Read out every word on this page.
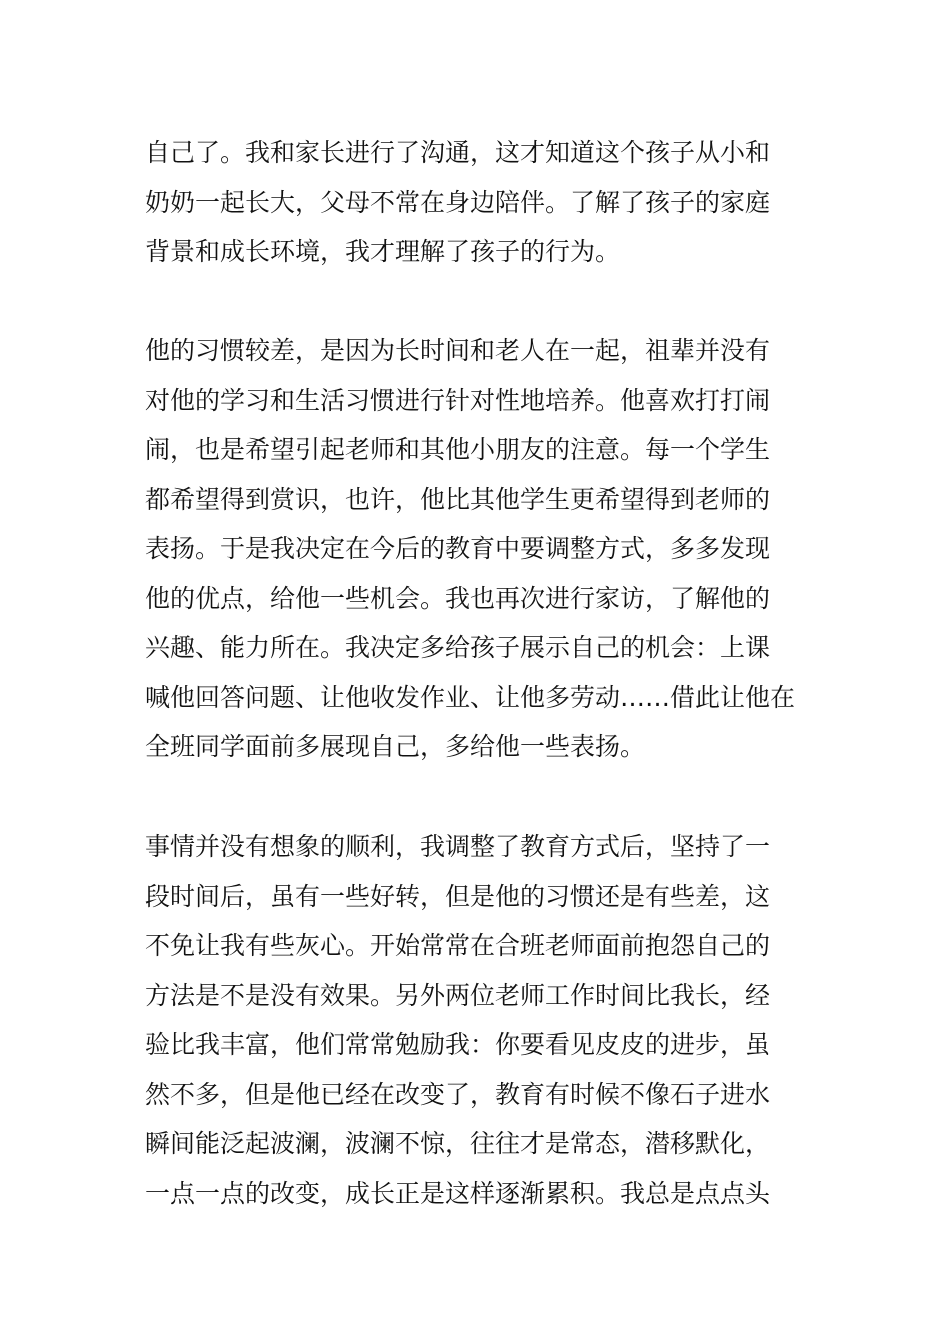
自己了。我和家长进行了沟通，这才知道这个孩子从小和
奶奶一起长大，父母不常在身边陪伴。了解了孩子的家庭
背景和成长环境，我才理解了孩子的行为。
他的习惯较差，是因为长时间和老人在一起，祖辈并没有
对他的学习和生活习惯进行针对性地培养。他喜欢打打闹
闹，也是希望引起老师和其他小朋友的注意。每一个学生
都希望得到赏识，也许，他比其他学生更希望得到老师的
表扬。于是我决定在今后的教育中要调整方式，多多发现
他的优点，给他一些机会。我也再次进行家访，了解他的
兴趣、能力所在。我决定多给孩子展示自己的机会：上课
喊他回答问题、让他收发作业、让他多劳动……借此让他在
全班同学面前多展现自己，多给他一些表扬。
事情并没有想象的顺利，我调整了教育方式后，坚持了一
段时间后，虽有一些好转，但是他的习惯还是有些差，这
不免让我有些灰心。开始常常在合班老师面前抱怨自己的
方法是不是没有效果。另外两位老师工作时间比我长，经
验比我丰富，他们常常勉励我：你要看见皮皮的进步，虽
然不多，但是他已经在改变了，教育有时候不像石子进水
瞬间能泛起波澜，波澜不惊，往往才是常态，潜移默化，
一点一点的改变，成长正是这样逐渐累积。我总是点点头
